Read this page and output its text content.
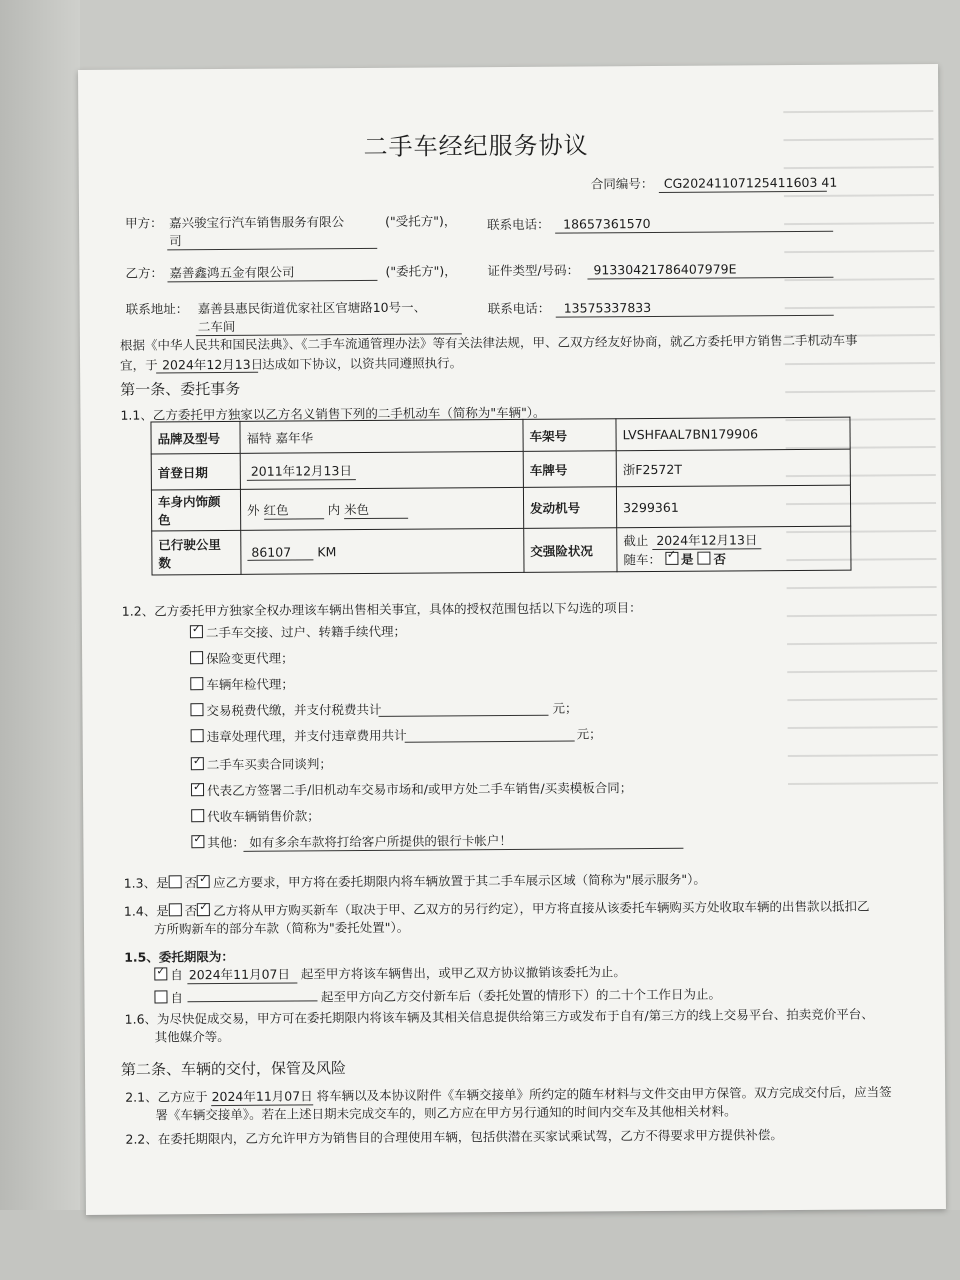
二手车经纪服务协议
合同编号： CG20241107125411603 41
甲方： 嘉兴骏宝行汽车销售服务有限公
司
("受托方")， 联系电话： 18657361570
乙方： 嘉善鑫鸿五金有限公司	("委托方")， 证件类型/号码： 91330421786407979E
联系地址： 嘉善县惠民街道优家社区官塘路10号一、
二车间
联系电话： 13575337833
根据《中华人民共和国民法典》、《二手车流通管理办法》等有关法律法规，甲、乙双方经友好协商，就乙方委托甲方销售二手机动车事
宜，于 2024年12月13日
达成如下协议，以资共同遵照执行。
第一条、委托事务
1.1、乙方委托甲方独家以乙方名义销售下列的二手机动车（简称为"车辆"）。
品牌及型号	福特 嘉年华	车架号	LVSHFAAL7BN179906
首登日期	2011年12月13日	车牌号	浙F2572T
车身内饰颜
色	外 红色 内 米色	发动机号	3299361
已行驶公里
数	86107 KM	交强险状况	截止 2024年12月13日
随车： ✓ 是 否
1.2、乙方委托甲方独家全权办理该车辆出售相关事宜，具体的授权范围包括以下勾选的项目：
✓二手车交接、过户、转籍手续代理；
保险变更代理；
车辆年检代理；
交易税费代缴，并支付税费共计	元；
违章处理代理，并支付违章费用共计	元；
✓二手车买卖合同谈判；
✓代表乙方签署二手/旧机动车交易市场和/或甲方处二手车销售/买卖模板合同；
代收车辆销售价款；
✓其他： 如有多余车款将打给客户所提供的银行卡帐户！
1.3、是 否 ✓ 应乙方要求，甲方将在委托期限内将车辆放置于其二手车展示区域（简称为"展示服务"）。
1.4、是 否 ✓ 乙方将从甲方购买新车（取决于甲、乙双方的另行约定），甲方将直接从该委托车辆购买方处收取车辆的出售款以抵扣乙
方所购新车的部分车款（简称为"委托处置"）。
1.5、委托期限为：
✓自 2024年11月07日 起至甲方将该车辆售出，或甲乙双方协议撤销该委托为止。
自	起至甲方向乙方交付新车后（委托处置的情形下）的二十个工作日为止。
1.6、为尽快促成交易，甲方可在委托期限内将该车辆及其相关信息提供给第三方或发布于自有/第三方的线上交易平台、拍卖竞价平台、
其他媒介等。
第二条、车辆的交付，保管及风险
2.1、乙方应于 2024年11月07日 将车辆以及本协议附件《车辆交接单》所约定的随车材料与文件交由甲方保管。双方完成交付后，应当签
署《车辆交接单》。若在上述日期未完成交车的，则乙方应在甲方另行通知的时间内交车及其他相关材料。
2.2、在委托期限内，乙方允许甲方为销售目的合理使用车辆，包括供潜在买家试乘试驾，乙方不得要求甲方提供补偿。
